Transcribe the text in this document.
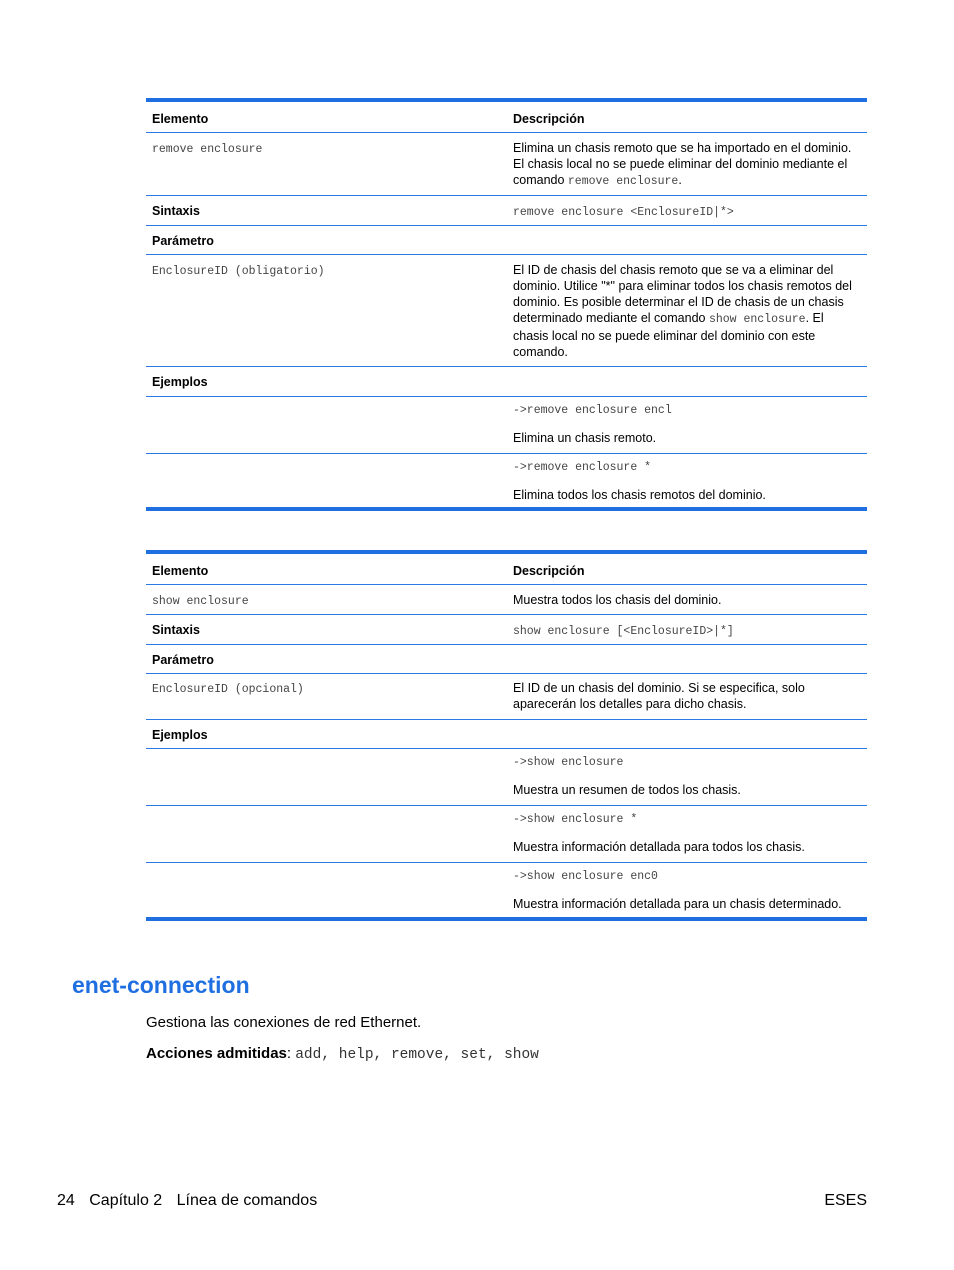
Elemento	Descripción
remove enclosure	Elimina un chasis remoto que se ha importado en el dominio. El chasis local no se puede eliminar del dominio mediante el comando remove enclosure.
Sintaxis	remove enclosure <EnclosureID|*>
Parámetro	
EnclosureID (obligatorio)	El ID de chasis del chasis remoto que se va a eliminar del dominio. Utilice "*" para eliminar todos los chasis remotos del dominio. Es posible determinar el ID de chasis de un chasis determinado mediante el comando show enclosure. El chasis local no se puede eliminar del dominio con este comando.
Ejemplos	

	->remove enclosure encl
Elimina un chasis remoto.

	->remove enclosure *
Elimina todos los chasis remotos del dominio.
Elemento	Descripción
show enclosure	Muestra todos los chasis del dominio.
Sintaxis	show enclosure [<EnclosureID>|*]
Parámetro	
EnclosureID (opcional)	El ID de un chasis del dominio. Si se especifica, solo aparecerán los detalles para dicho chasis.
Ejemplos	

	->show enclosure
Muestra un resumen de todos los chasis.

	->show enclosure *
Muestra información detallada para todos los chasis.

	->show enclosure enc0
Muestra información detallada para un chasis determinado.
enet-connection

Gestiona las conexiones de red Ethernet.

Acciones admitidas: add, help, remove, set, show

24 Capítulo 2 Línea de comandos	ESES
